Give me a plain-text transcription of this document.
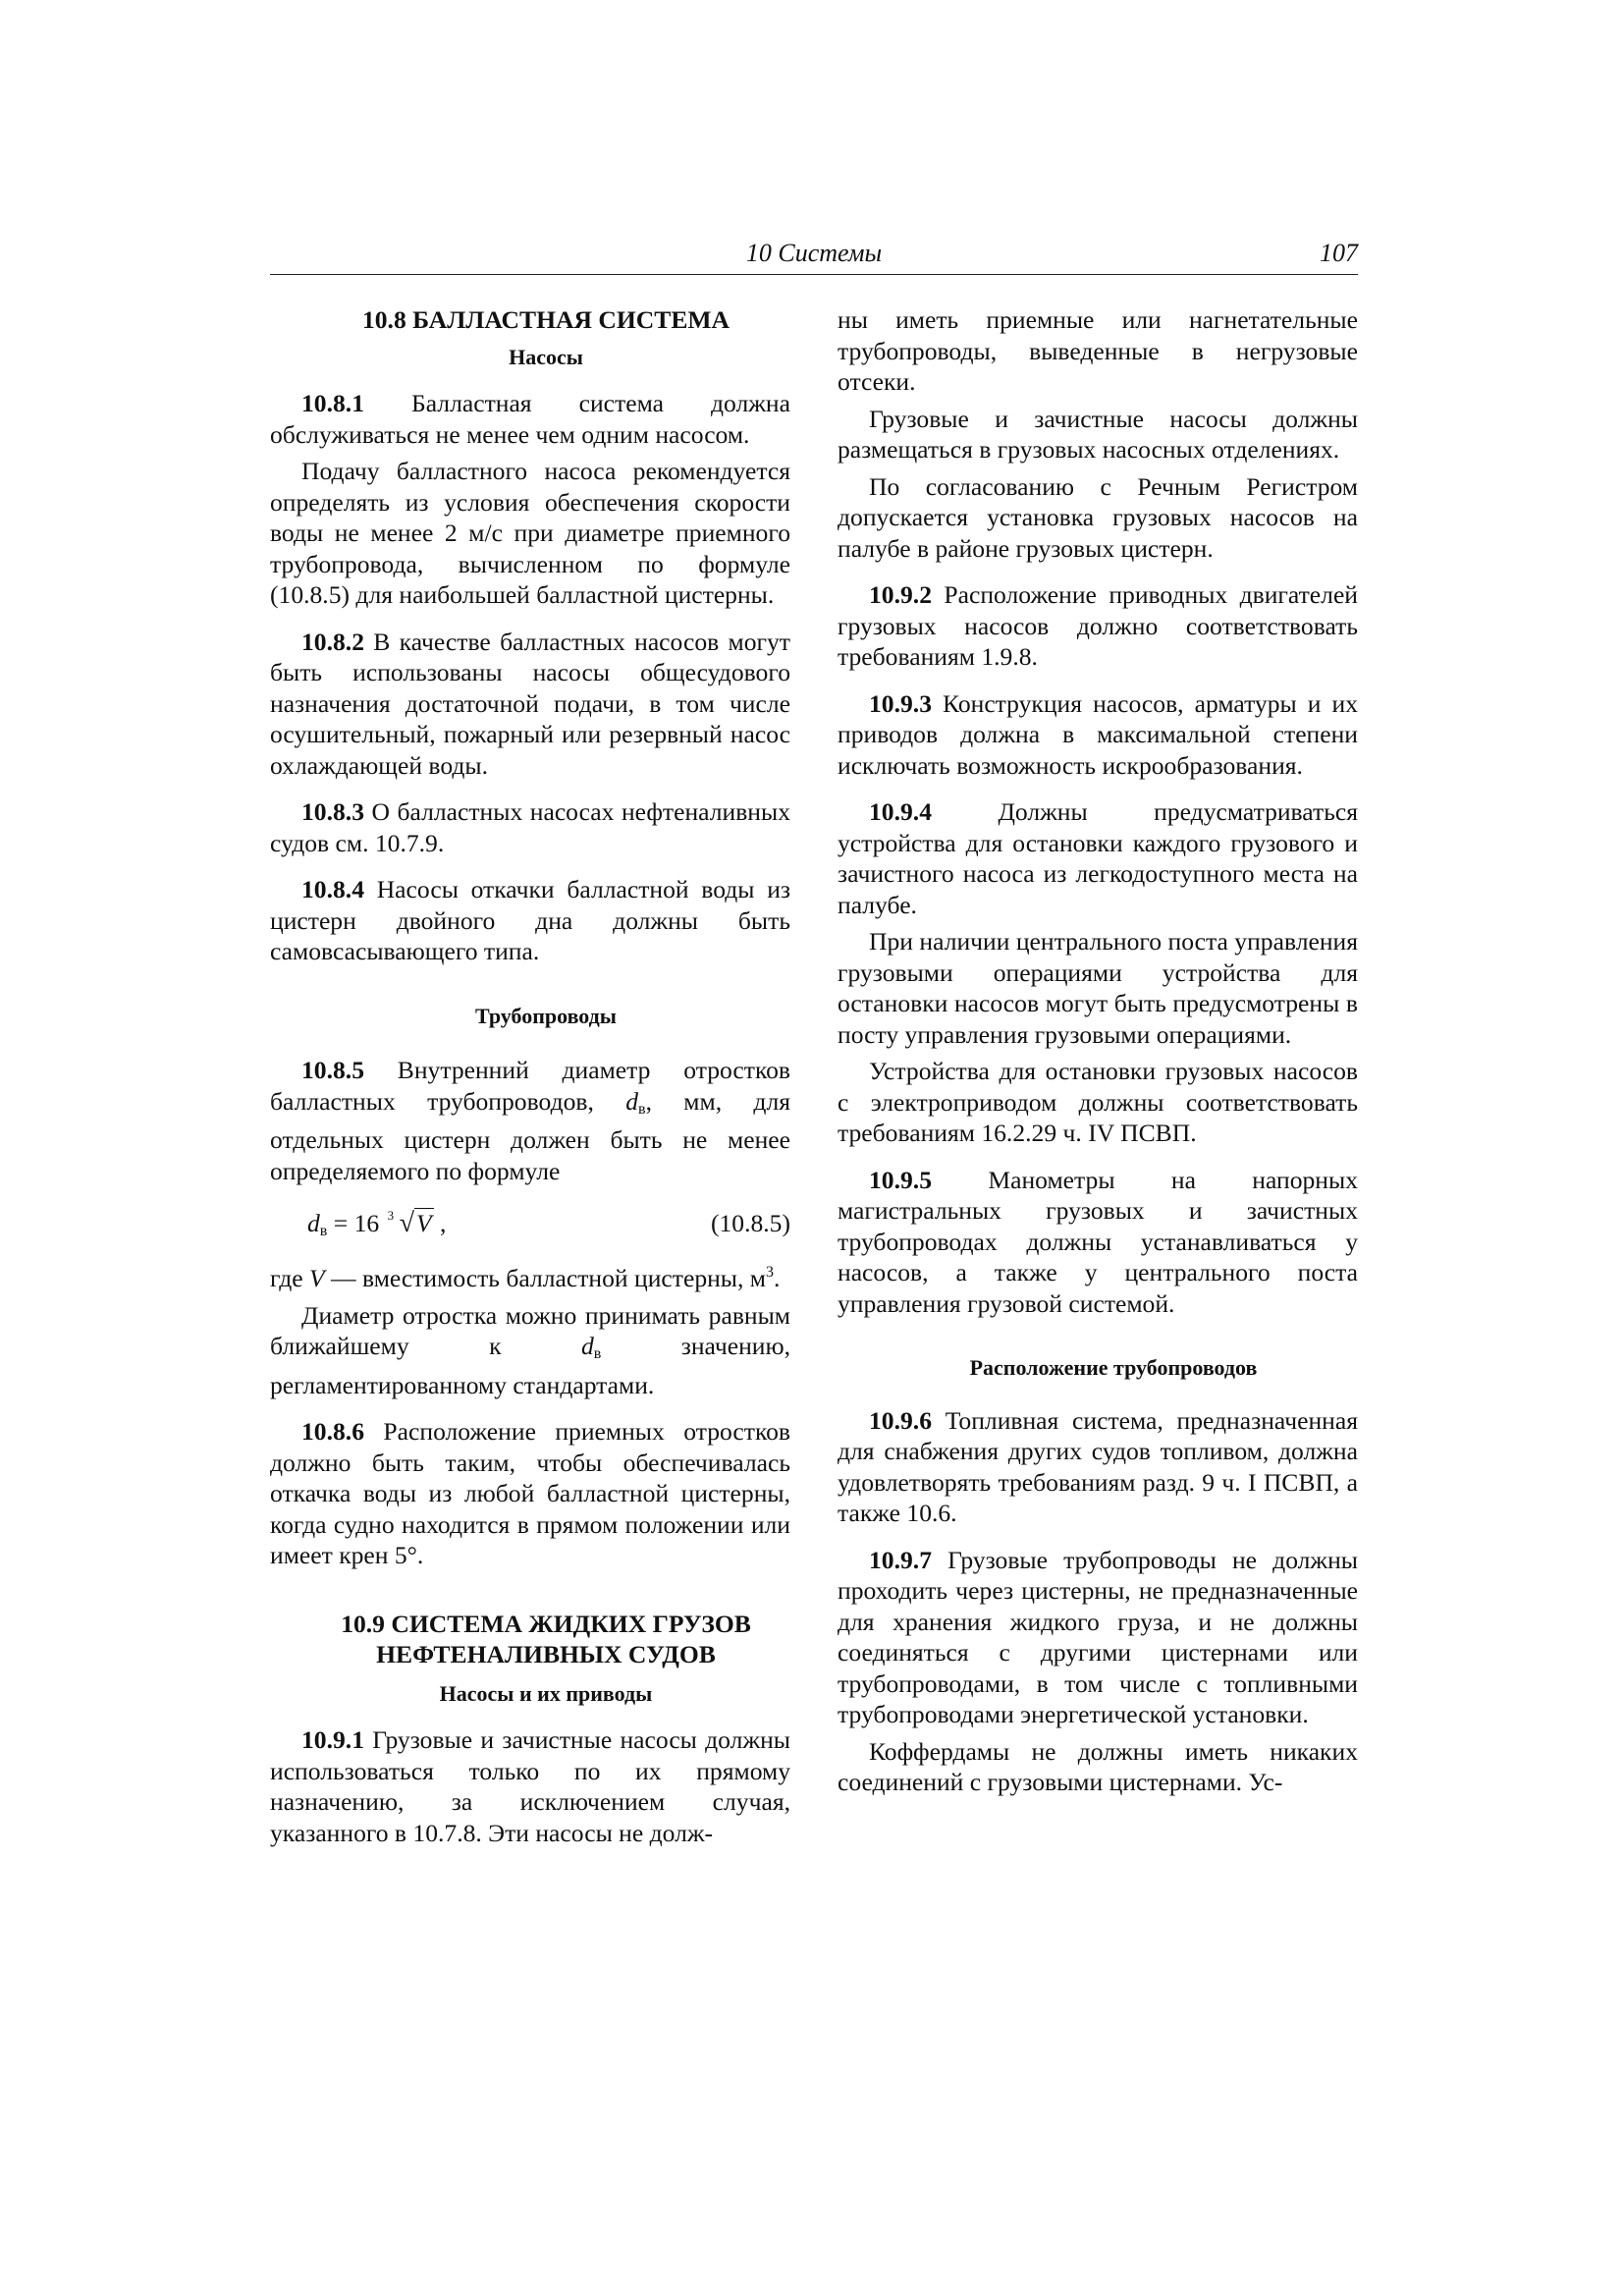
10 Системы	107

10.8 БАЛЛАСТНАЯ СИСТЕМА

Насосы

10.8.1 Балластная система должна обслуживаться не менее чем одним насосом.

Подачу балластного насоса рекомендуется определять из условия обеспечения скорости воды не менее 2 м/с при диаметре приемного трубопровода, вычисленном по формуле (10.8.5) для наибольшей балластной цистерны.

10.8.2 В качестве балластных насосов могут быть использованы насосы общесудового назначения достаточной подачи, в том числе осушительный, пожарный или резервный насос охлаждающей воды.

10.8.3 О балластных насосах нефтеналивных судов см. 10.7.9.

10.8.4 Насосы откачки балластной воды из цистерн двойного дна должны быть самовсасывающего типа.

Трубопроводы

10.8.5 Внутренний диаметр отростков балластных трубопроводов, $d_в$, мм, для отдельных цистерн должен быть не менее определяемого по формуле

$d_в = 16$ 3 √V ,	(10.8.5)

где V — вместимость балластной цистерны, $м^3$.

Диаметр отростка можно принимать равным ближайшему к $d_в$ значению, регламентированному стандартами.

10.8.6 Расположение приемных отростков должно быть таким, чтобы обеспечивалась откачка воды из любой балластной цистерны, когда судно находится в прямом положении или имеет крен 5°.

10.9 СИСТЕМА ЖИДКИХ ГРУЗОВ

НЕФТЕНАЛИВНЫХ СУДОВ

Насосы и их приводы

10.9.1 Грузовые и зачистные насосы должны использоваться только по их прямому назначению, за исключением случая, указанного в 10.7.8. Эти насосы не долж-

ны иметь приемные или нагнетательные трубопроводы, выведенные в негрузовые отсеки.

Грузовые и зачистные насосы должны размещаться в грузовых насосных отделениях.

По согласованию с Речным Регистром допускается установка грузовых насосов на палубе в районе грузовых цистерн.

10.9.2 Расположение приводных двигателей грузовых насосов должно соответствовать требованиям 1.9.8.

10.9.3 Конструкция насосов, арматуры и их приводов должна в максимальной степени исключать возможность искрообразования.

10.9.4 Должны предусматриваться устройства для остановки каждого грузового и зачистного насоса из легкодоступного места на палубе.

При наличии центрального поста управления грузовыми операциями устройства для остановки насосов могут быть предусмотрены в посту управления грузовыми операциями.

Устройства для остановки грузовых насосов с электроприводом должны соответствовать требованиям 16.2.29 ч. IV ПСВП.

10.9.5 Манометры на напорных магистральных грузовых и зачистных трубопроводах должны устанавливаться у насосов, а также у центрального поста управления грузовой системой.

Расположение трубопроводов

10.9.6 Топливная система, предназначенная для снабжения других судов топливом, должна удовлетворять требованиям разд. 9 ч. I ПСВП, а также 10.6.

10.9.7 Грузовые трубопроводы не должны проходить через цистерны, не предназначенные для хранения жидкого груза, и не должны соединяться с другими цистернами или трубопроводами, в том числе с топливными трубопроводами энергетической установки.

Коффердамы не должны иметь никаких соединений с грузовыми цистернами. Ус-
